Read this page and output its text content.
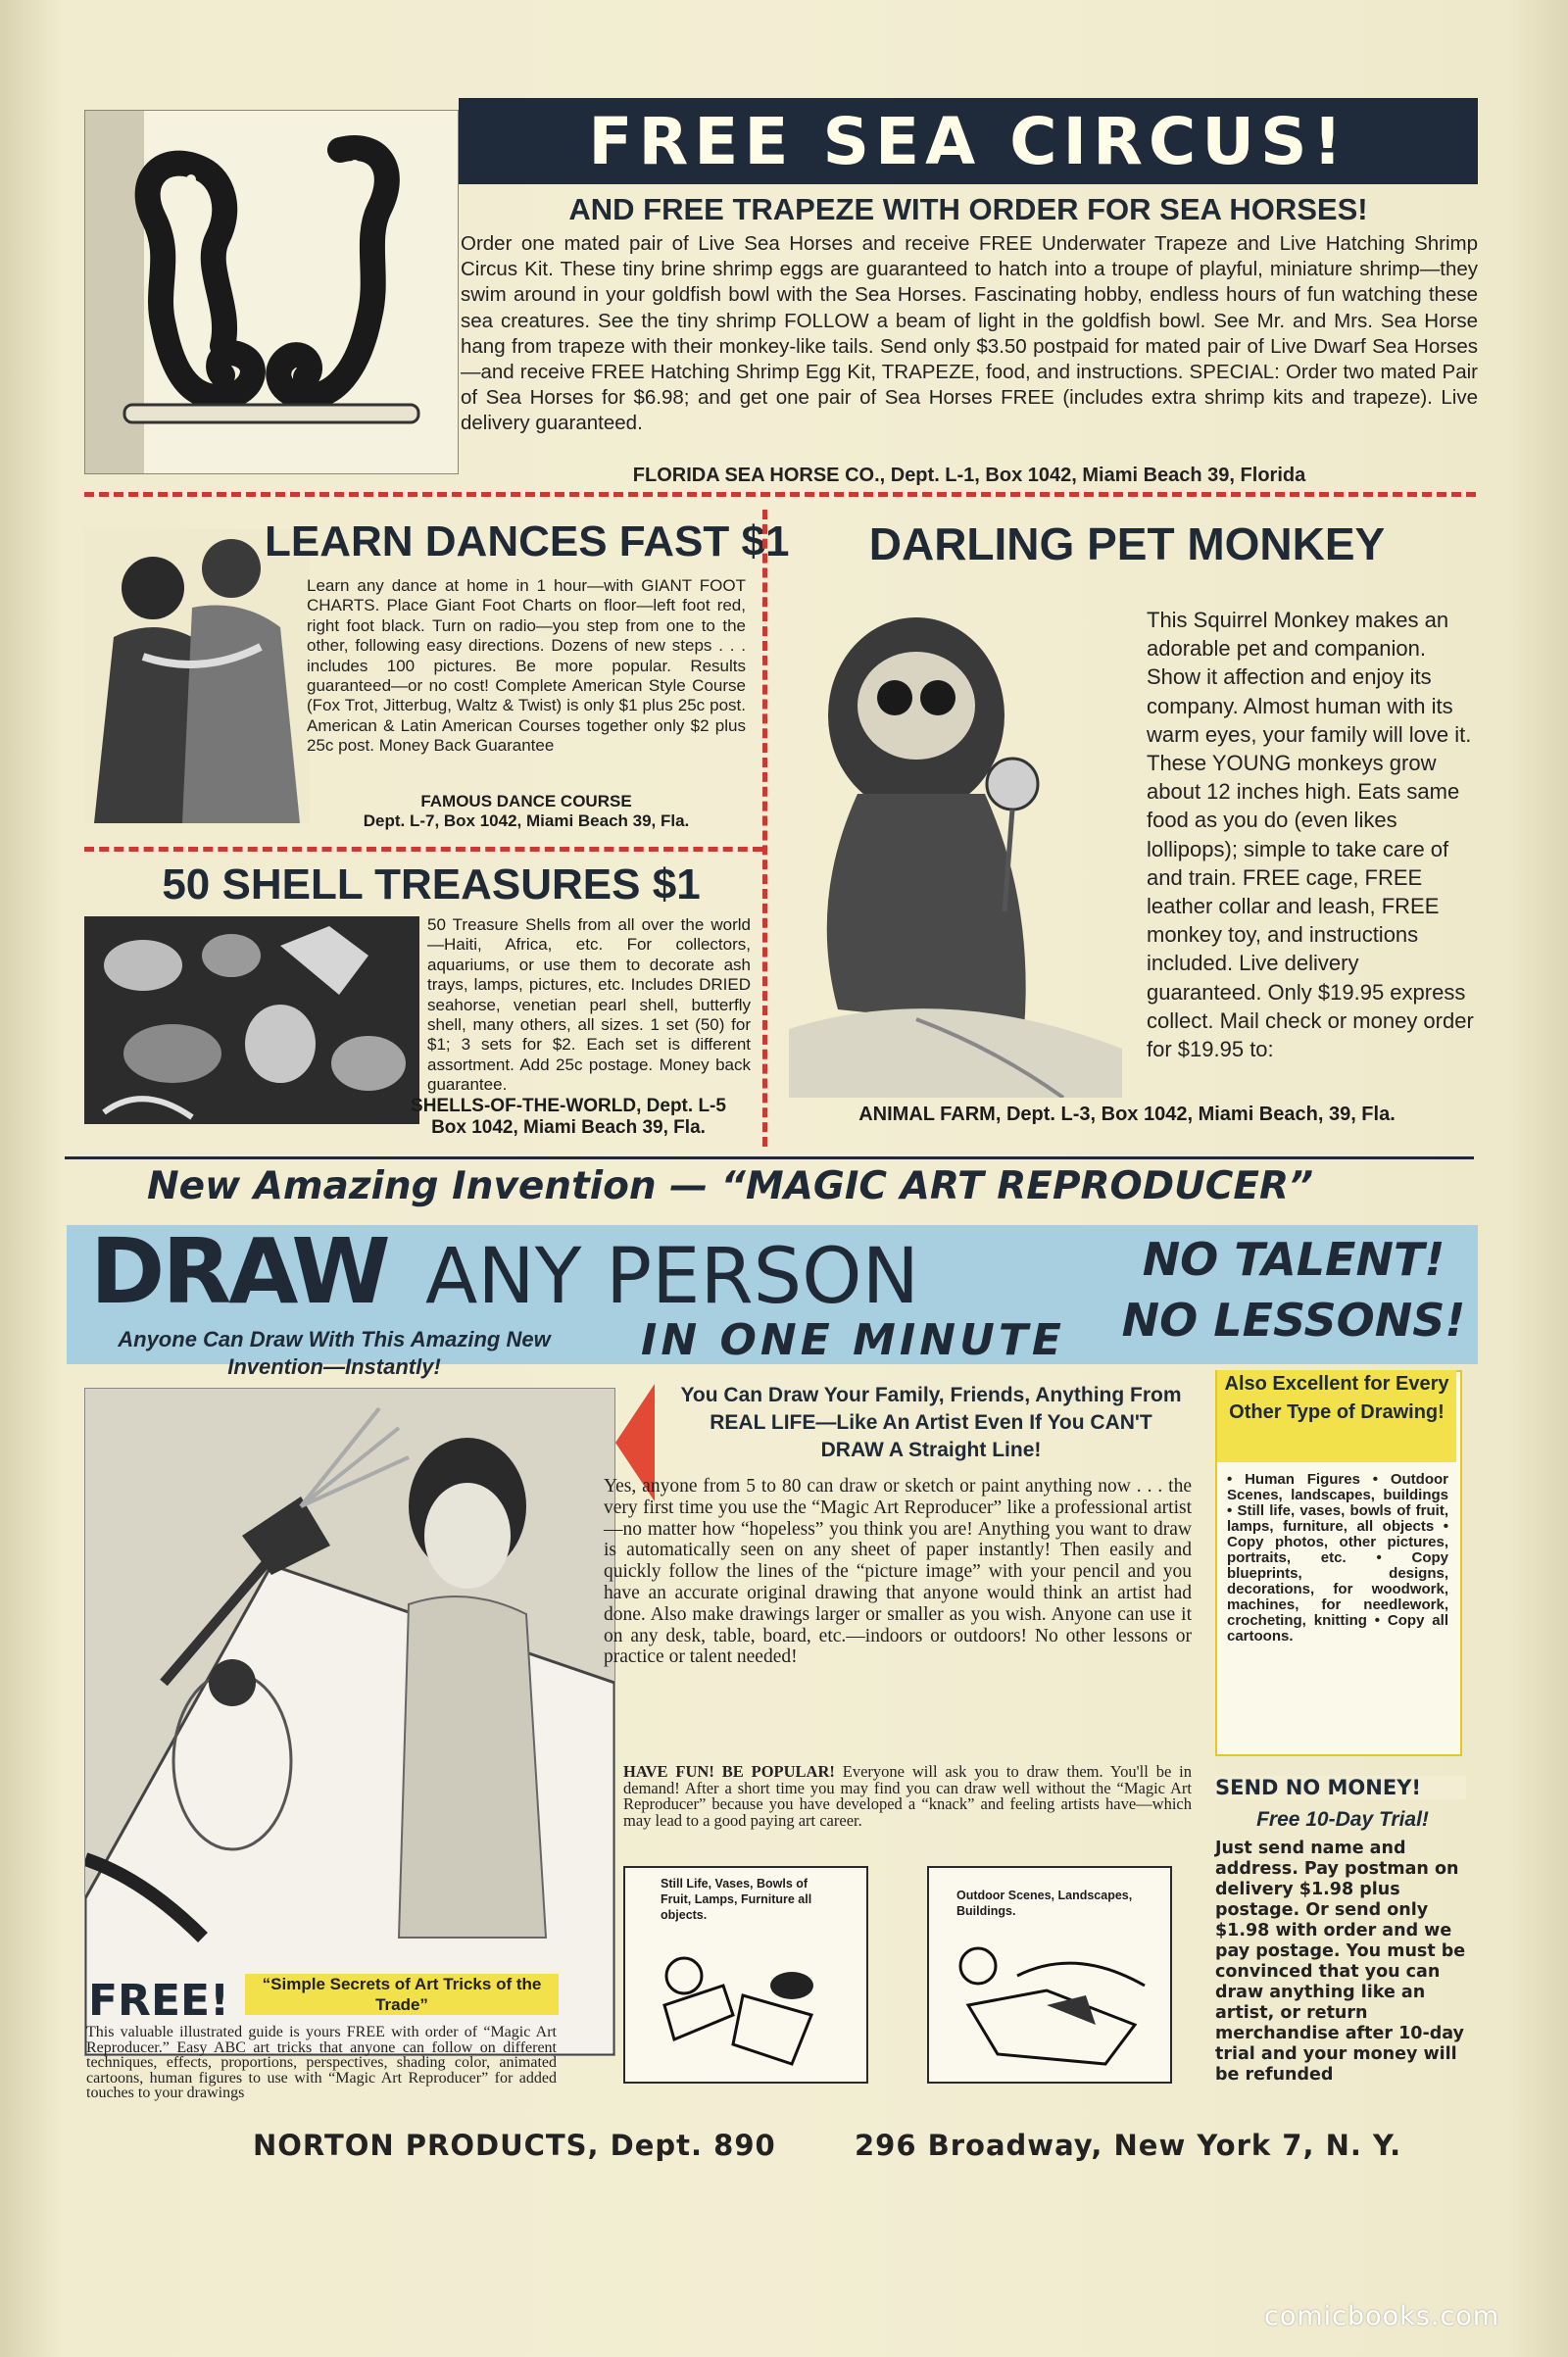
FREE SEA CIRCUS!
AND FREE TRAPEZE WITH ORDER FOR SEA HORSES!
Order one mated pair of Live Sea Horses and receive FREE Underwater Trapeze and Live Hatching Shrimp Circus Kit. These tiny brine shrimp eggs are guaranteed to hatch into a troupe of playful, miniature shrimp—they swim around in your goldfish bowl with the Sea Horses. Fascinating hobby, endless hours of fun watching these sea creatures. See the tiny shrimp FOLLOW a beam of light in the goldfish bowl. See Mr. and Mrs. Sea Horse hang from trapeze with their monkey-like tails. Send only $3.50 postpaid for mated pair of Live Dwarf Sea Horses—and receive FREE Hatching Shrimp Egg Kit, TRAPEZE, food, and instructions. SPECIAL: Order two mated Pair of Sea Horses for $6.98; and get one pair of Sea Horses FREE (includes extra shrimp kits and trapeze). Live delivery guaranteed.
FLORIDA SEA HORSE CO., Dept. L-1, Box 1042, Miami Beach 39, Florida
LEARN DANCES FAST $1
Learn any dance at home in 1 hour—with GIANT FOOT CHARTS. Place Giant Foot Charts on floor—left foot red, right foot black. Turn on radio—you step from one to the other, following easy directions. Dozens of new steps . . . includes 100 pictures. Be more popular. Results guaranteed—or no cost! Complete American Style Course (Fox Trot, Jitterbug, Waltz & Twist) is only $1 plus 25c post. American & Latin American Courses together only $2 plus 25c post. Money Back Guarantee
FAMOUS DANCE COURSE
Dept. L-7, Box 1042, Miami Beach 39, Fla.
50 SHELL TREASURES $1
50 Treasure Shells from all over the world—Haiti, Africa, etc. For collectors, aquariums, or use them to decorate ash trays, lamps, pictures, etc. Includes DRIED seahorse, venetian pearl shell, butterfly shell, many others, all sizes. 1 set (50) for $1; 3 sets for $2. Each set is different assortment. Add 25c postage. Money back guarantee.
SHELLS-OF-THE-WORLD, Dept. L-5
Box 1042, Miami Beach 39, Fla.
DARLING PET MONKEY
This Squirrel Monkey makes an adorable pet and companion. Show it affection and enjoy its company. Almost human with its warm eyes, your family will love it. These YOUNG monkeys grow about 12 inches high. Eats same food as you do (even likes lollipops); simple to take care of and train. FREE cage, FREE leather collar and leash, FREE monkey toy, and instructions included. Live delivery guaranteed. Only $19.95 express collect. Mail check or money order for $19.95 to:
ANIMAL FARM, Dept. L-3, Box 1042, Miami Beach, 39, Fla.
New Amazing Invention — “MAGIC ART REPRODUCER”
DRAW ANY PERSON	NO TALENT!
NO LESSONS!
IN ONE MINUTE
Anyone Can Draw With This Amazing New Invention—Instantly!
You Can Draw Your Family, Friends, Anything From REAL LIFE—Like An Artist Even If You CAN'T DRAW A Straight Line!
Yes, anyone from 5 to 80 can draw or sketch or paint anything now . . . the very first time you use the “Magic Art Reproducer” like a professional artist—no matter how “hopeless” you think you are! Anything you want to draw is automatically seen on any sheet of paper instantly! Then easily and quickly follow the lines of the “picture image” with your pencil and you have an accurate original drawing that anyone would think an artist had done. Also make drawings larger or smaller as you wish. Anyone can use it on any desk, table, board, etc.—indoors or outdoors! No other lessons or practice or talent needed!
HAVE FUN! BE POPULAR! Everyone will ask you to draw them. You'll be in demand! After a short time you may find you can draw well without the “Magic Art Reproducer” because you have developed a “knack” and feeling artists have—which may lead to a good paying art career.
Still Life, Vases, Bowls of Fruit, Lamps, Furniture all objects.
Outdoor Scenes, Landscapes, Buildings.
Also Excellent for Every Other Type of Drawing!
• Human Figures • Outdoor Scenes, landscapes, buildings • Still life, vases, bowls of fruit, lamps, furniture, all objects • Copy photos, other pictures, portraits, etc. • Copy blueprints, designs, decorations, for woodwork, machines, for needlework, crocheting, knitting • Copy all cartoons.
SEND NO MONEY!
Free 10-Day Trial!
Just send name and address. Pay postman on delivery $1.98 plus postage. Or send only $1.98 with order and we pay postage. You must be convinced that you can draw anything like an artist, or return merchandise after 10-day trial and your money will be refunded
FREE!	“Simple Secrets of Art Tricks of the Trade”
This valuable illustrated guide is yours FREE with order of “Magic Art Reproducer.” Easy ABC art tricks that anyone can follow on different techniques, effects, proportions, perspectives, shading color, animated cartoons, human figures to use with “Magic Art Reproducer” for added touches to your drawings
NORTON PRODUCTS, Dept. 890	296 Broadway, New York 7, N. Y.
comicbooks.com
